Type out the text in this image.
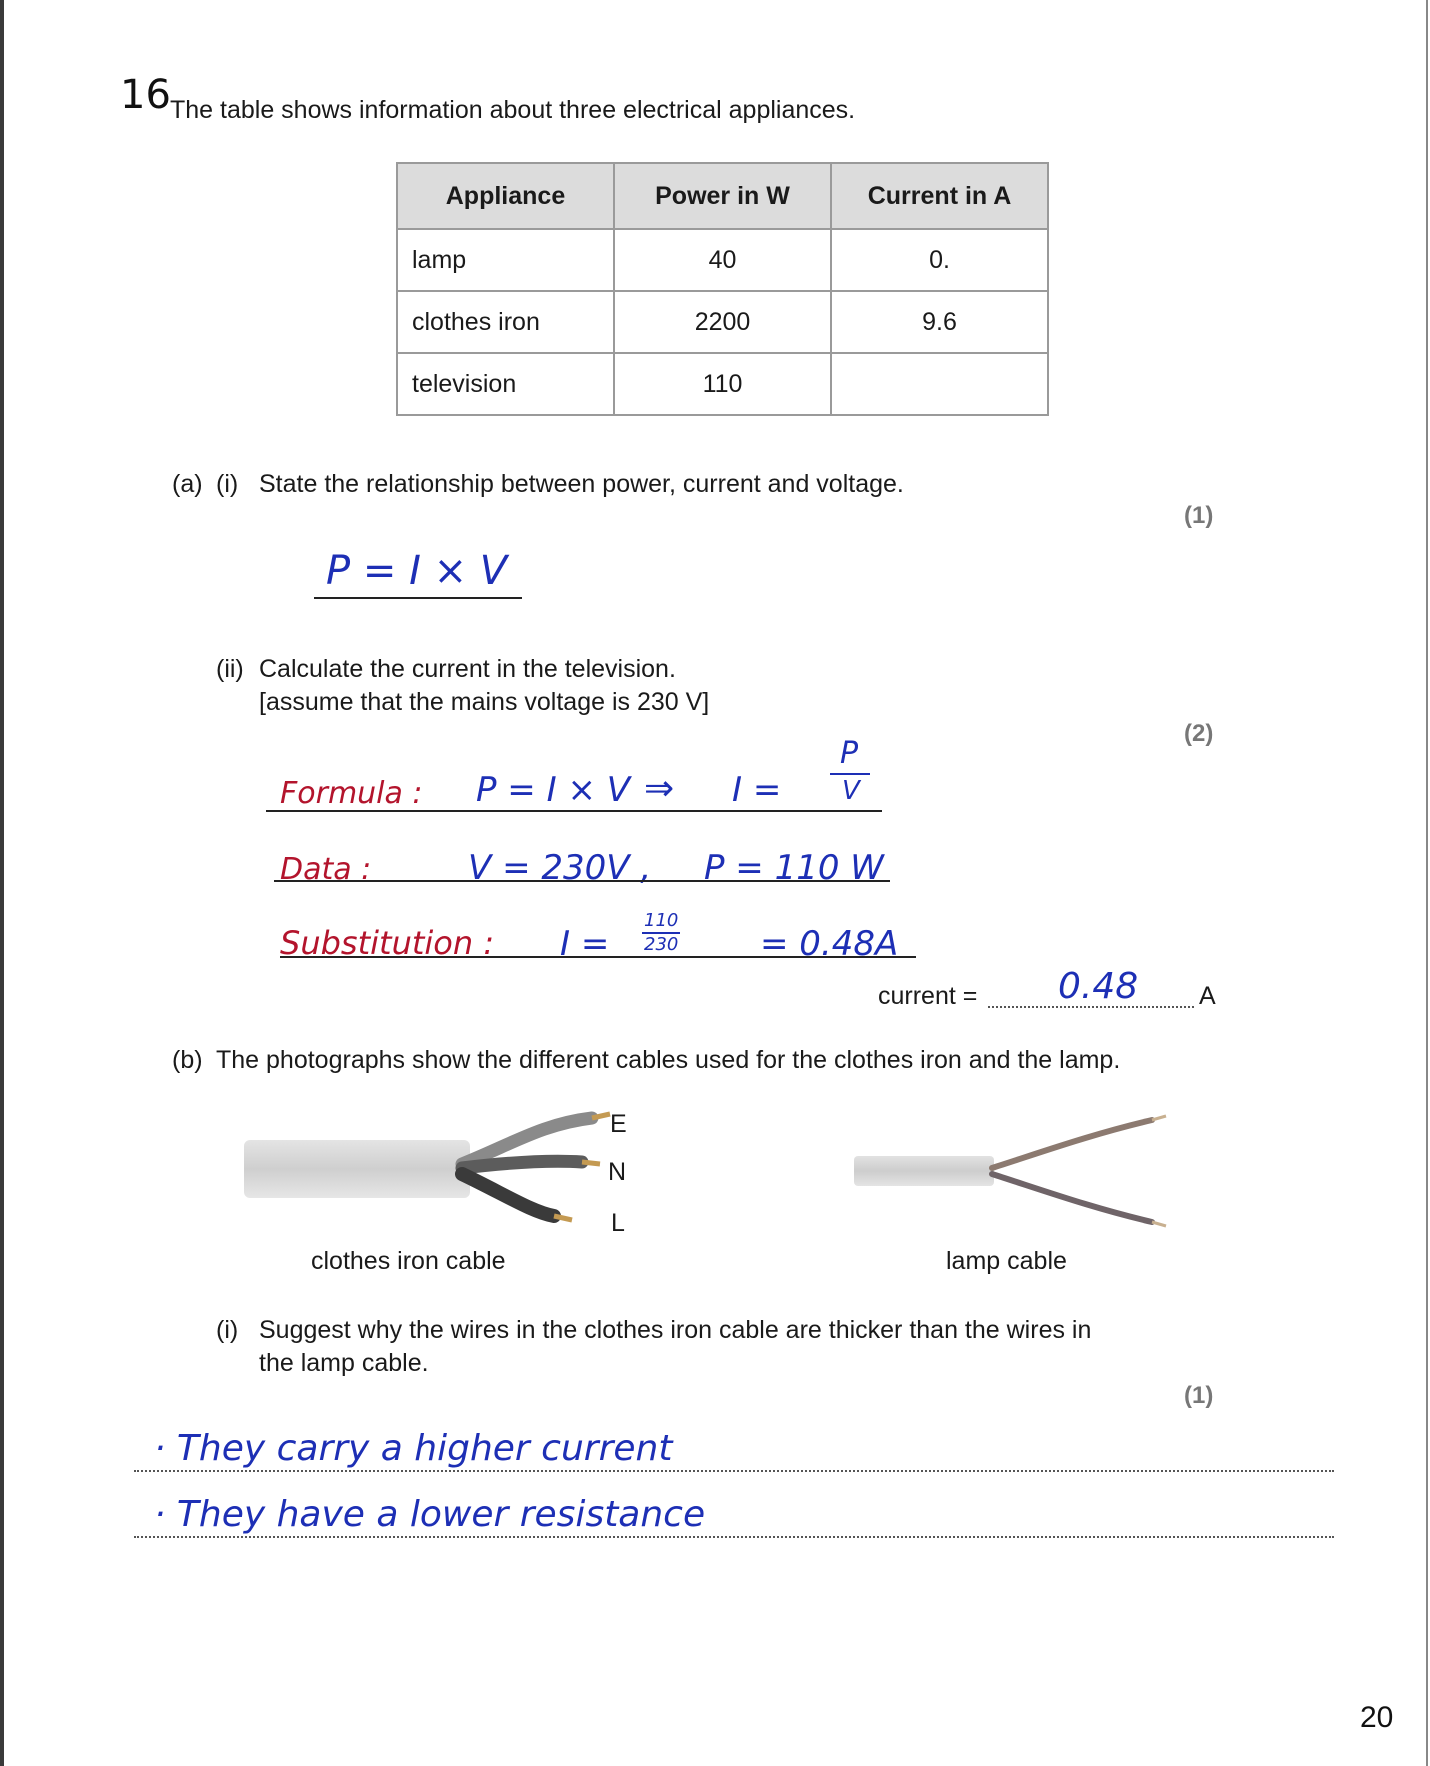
16 The table shows information about three electrical appliances.
Appliance	Power in W	Current in A
lamp	40	0.
clothes iron	2200	9.6
television	110	
(a) (i) State the relationship between power, current and voltage.
(1)
P = I × V
(ii) Calculate the current in the television.
[assume that the mains voltage is 230 V]
(2)
Formula : P = I × V ⇒ I =
P
V
Data :	V = 230V , P = 110 W
Substitution : I =
110
230 = 0.48A
current = 0.48 A
(b) The photographs show the different cables used for the clothes iron and the lamp.
E
N
L
clothes iron cable	lamp cable
(i) Suggest why the wires in the clothes iron cable are thicker than the wires in
the lamp cable.
(1)
· They carry a higher current
· They have a lower resistance
20
